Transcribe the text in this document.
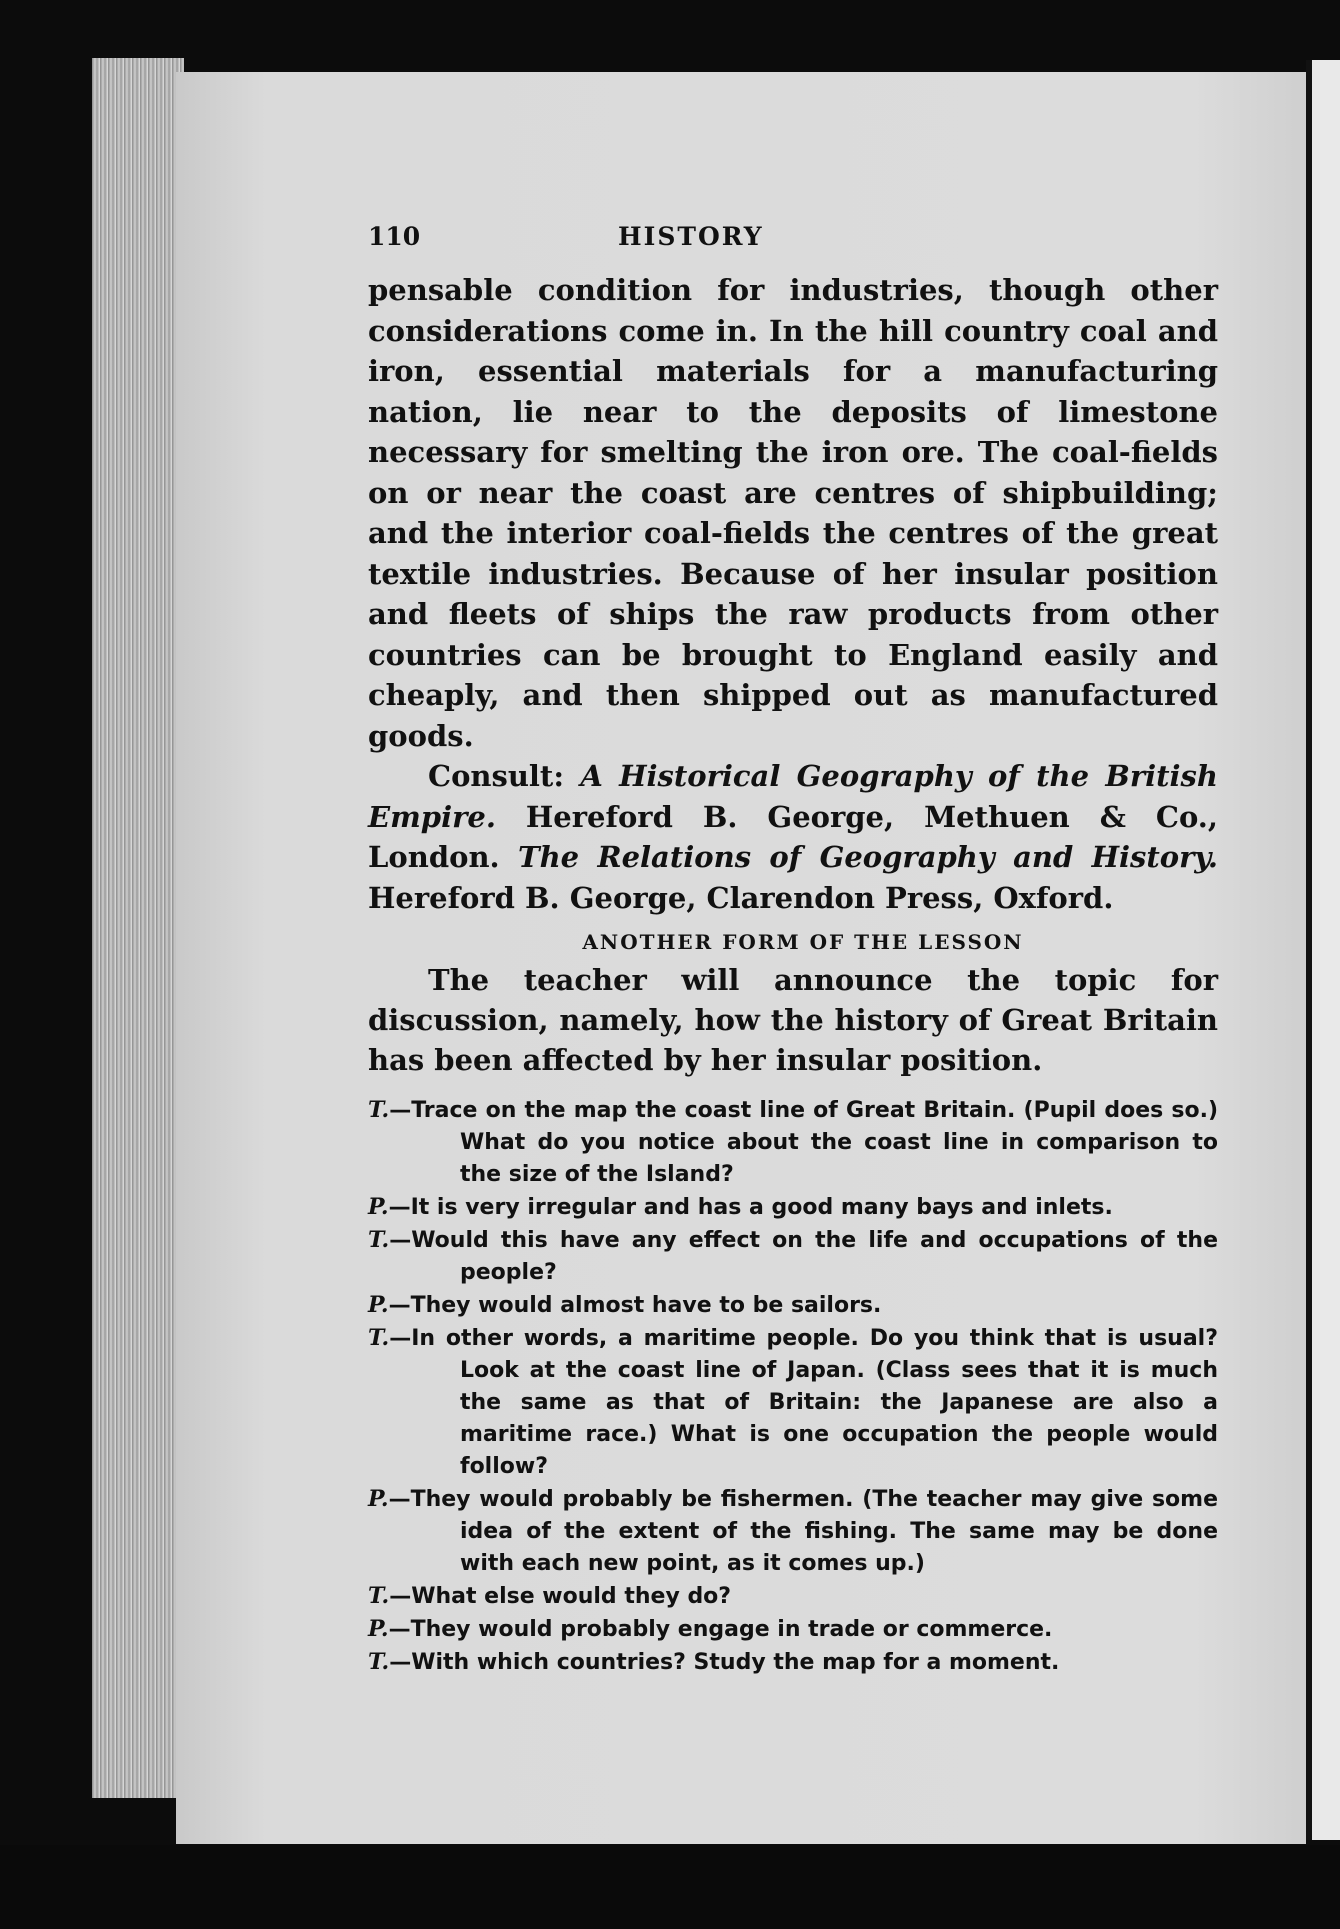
110	HISTORY

pensable condition for industries, though other considerations come in. In the hill country coal and iron, essential materials for a manufacturing nation, lie near to the deposits of limestone necessary for smelting the iron ore. The coal-fields on or near the coast are centres of shipbuilding; and the interior coal-fields the centres of the great textile industries. Because of her insular position and fleets of ships the raw products from other countries can be brought to England easily and cheaply, and then shipped out as manufactured goods.

Consult: A Historical Geography of the British Empire. Hereford B. George, Methuen & Co., London. The Relations of Geography and History. Hereford B. George, Clarendon Press, Oxford.

ANOTHER FORM OF THE LESSON

The teacher will announce the topic for discussion, namely, how the history of Great Britain has been affected by her insular position.

T.—Trace on the map the coast line of Great Britain. (Pupil does so.) What do you notice about the coast line in comparison to the size of the Island?
P.—It is very irregular and has a good many bays and inlets.
T.—Would this have any effect on the life and occupations of the people?
P.—They would almost have to be sailors.
T.—In other words, a maritime people. Do you think that is usual? Look at the coast line of Japan. (Class sees that it is much the same as that of Britain: the Japanese are also a maritime race.) What is one occupation the people would follow?
P.—They would probably be fishermen. (The teacher may give some idea of the extent of the fishing. The same may be done with each new point, as it comes up.)
T.—What else would they do?
P.—They would probably engage in trade or commerce.
T.—With which countries? Study the map for a moment.
